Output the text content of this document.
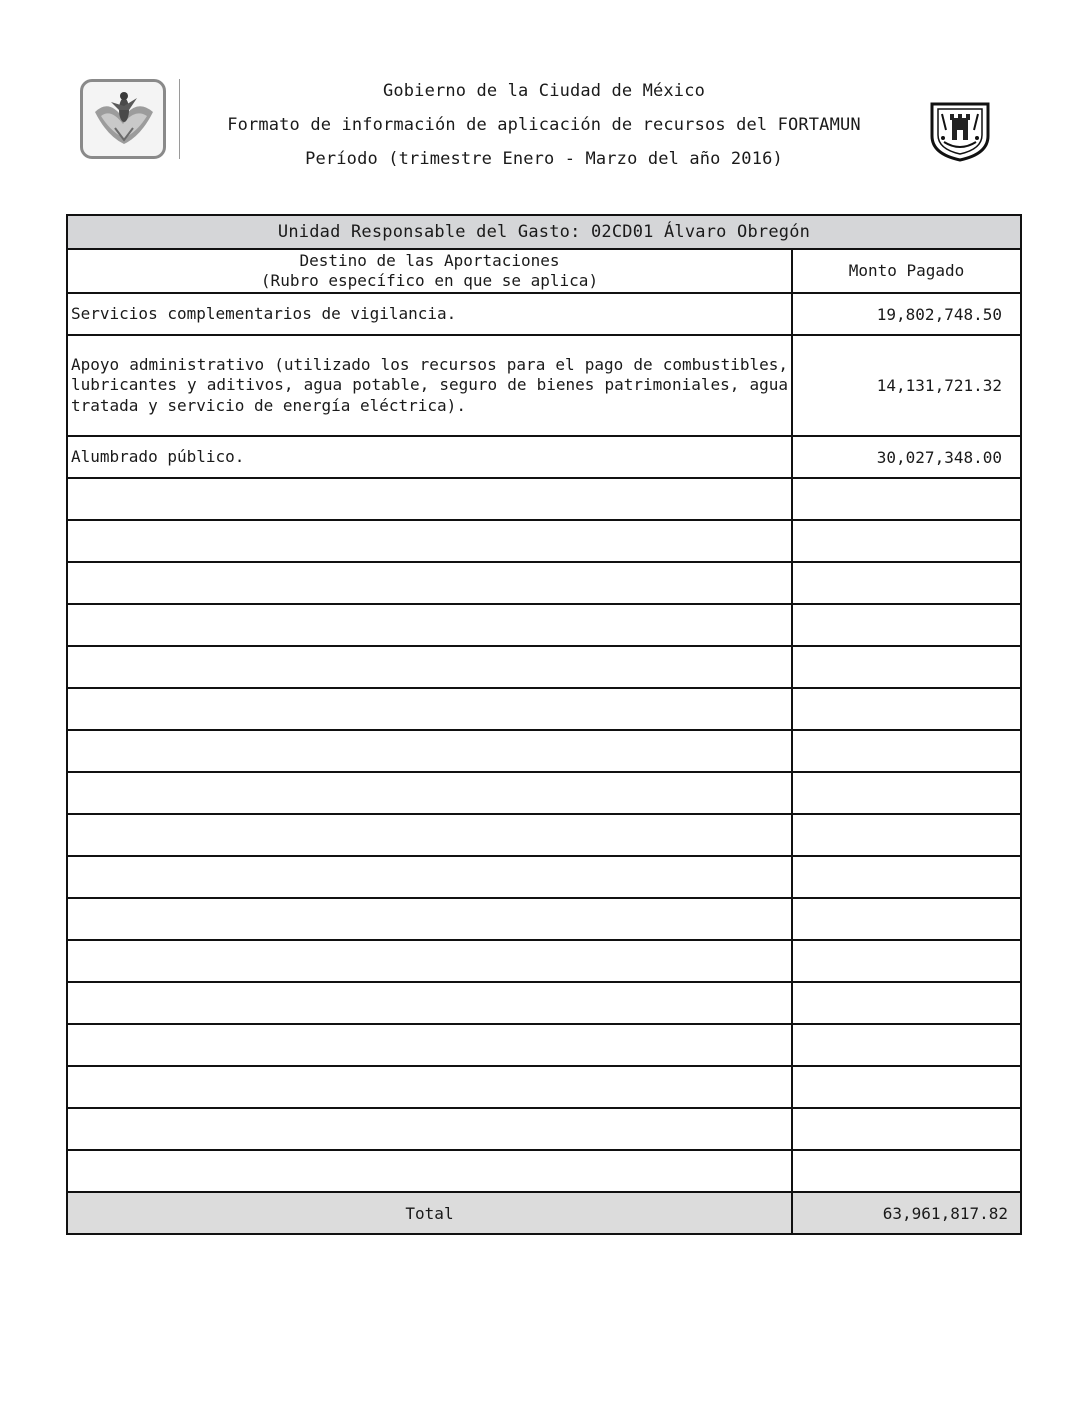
Gobierno de la Ciudad de México
Formato de información de aplicación de recursos del FORTAMUN
Período (trimestre Enero - Marzo del año 2016)
Unidad Responsable del Gasto: 02CD01 Álvaro Obregón	

Destino de las Aportaciones
(Rubro específico en que se aplica)	Monto Pagado
Servicios complementarios de vigilancia.	19,802,748.50
Apoyo administrativo (utilizado los recursos para el pago de combustibles, lubricantes y aditivos, agua potable, seguro de bienes patrimoniales, agua tratada y servicio de energía eléctrica).	14,131,721.32
Alumbrado público.	30,027,348.00

Total	63,961,817.82
